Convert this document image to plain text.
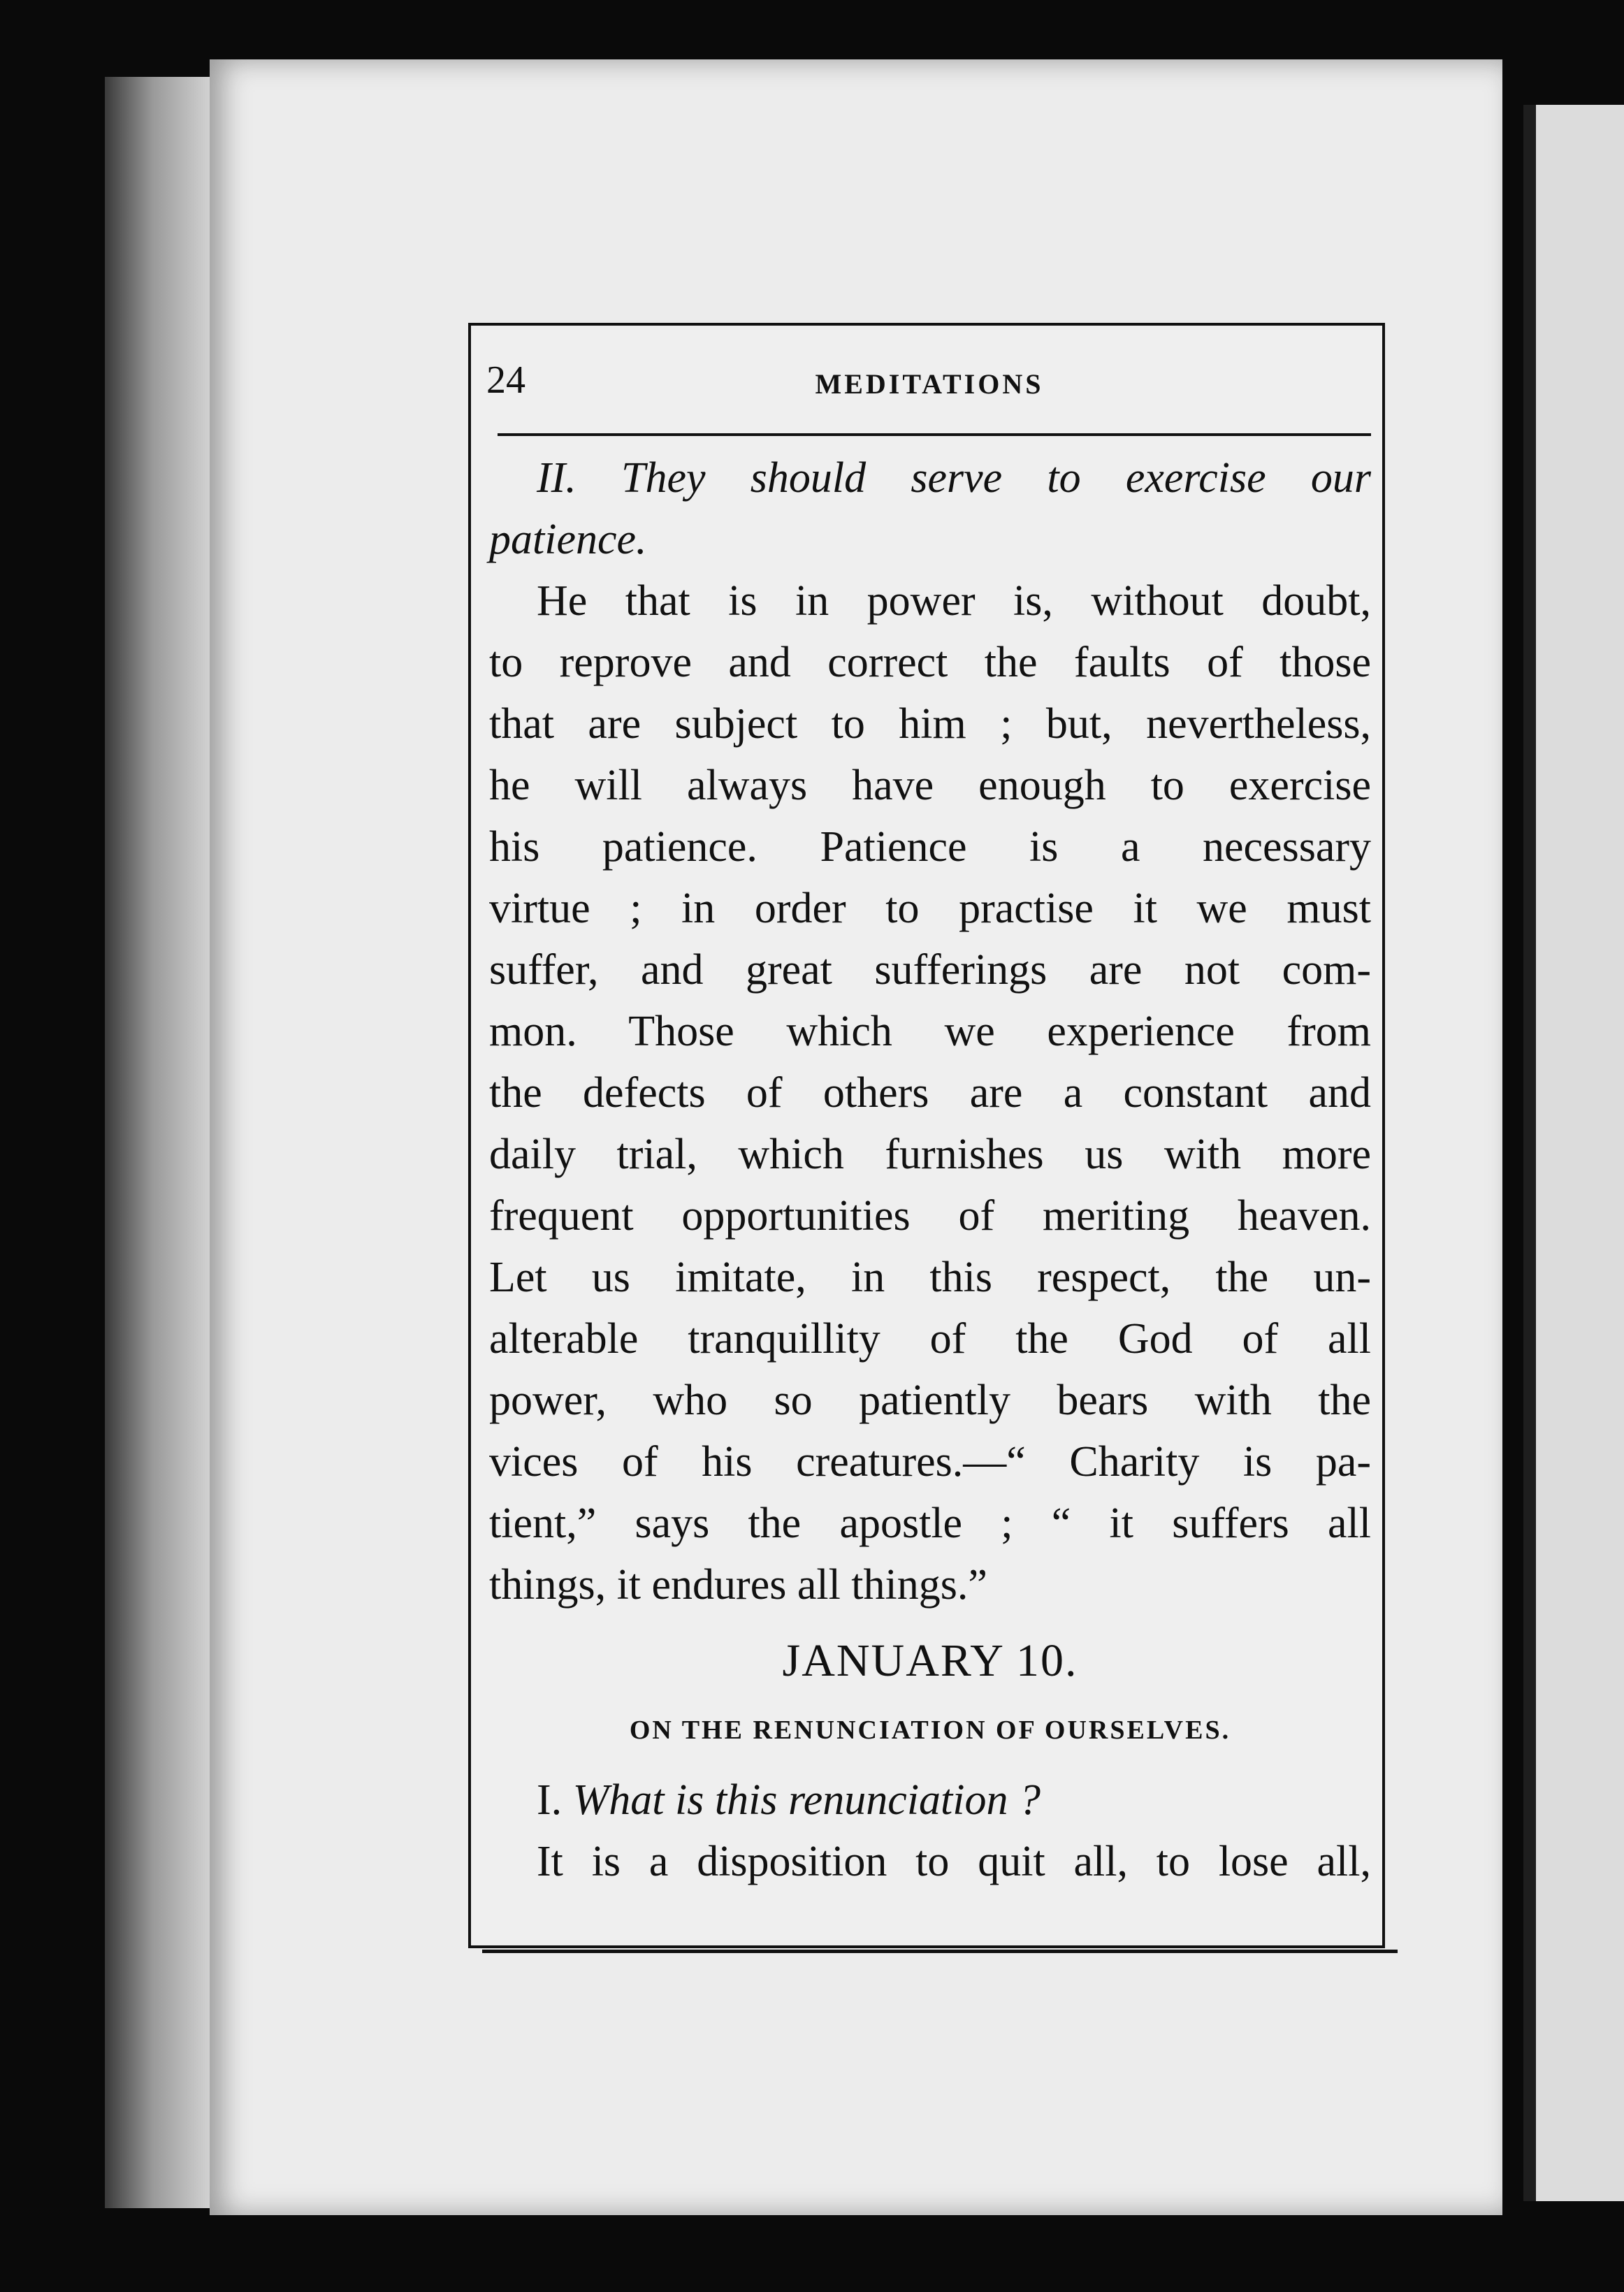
24	MEDITATIONS
II. They should serve to exercise our
patience.
He that is in power is, without doubt,
to reprove and correct the faults of those
that are subject to him ; but, nevertheless,
he will always have enough to exercise
his patience. Patience is a necessary
virtue ; in order to practise it we must
suffer, and great sufferings are not com-
mon. Those which we experience from
the defects of others are a constant and
daily trial, which furnishes us with more
frequent opportunities of meriting heaven.
Let us imitate, in this respect, the un-
alterable tranquillity of the God of all
power, who so patiently bears with the
vices of his creatures.—“ Charity is pa-
tient,” says the apostle ; “ it suffers all
things, it endures all things.”
JANUARY 10.
ON THE RENUNCIATION OF OURSELVES.
I. What is this renunciation ?
It is a disposition to quit all, to lose all,
